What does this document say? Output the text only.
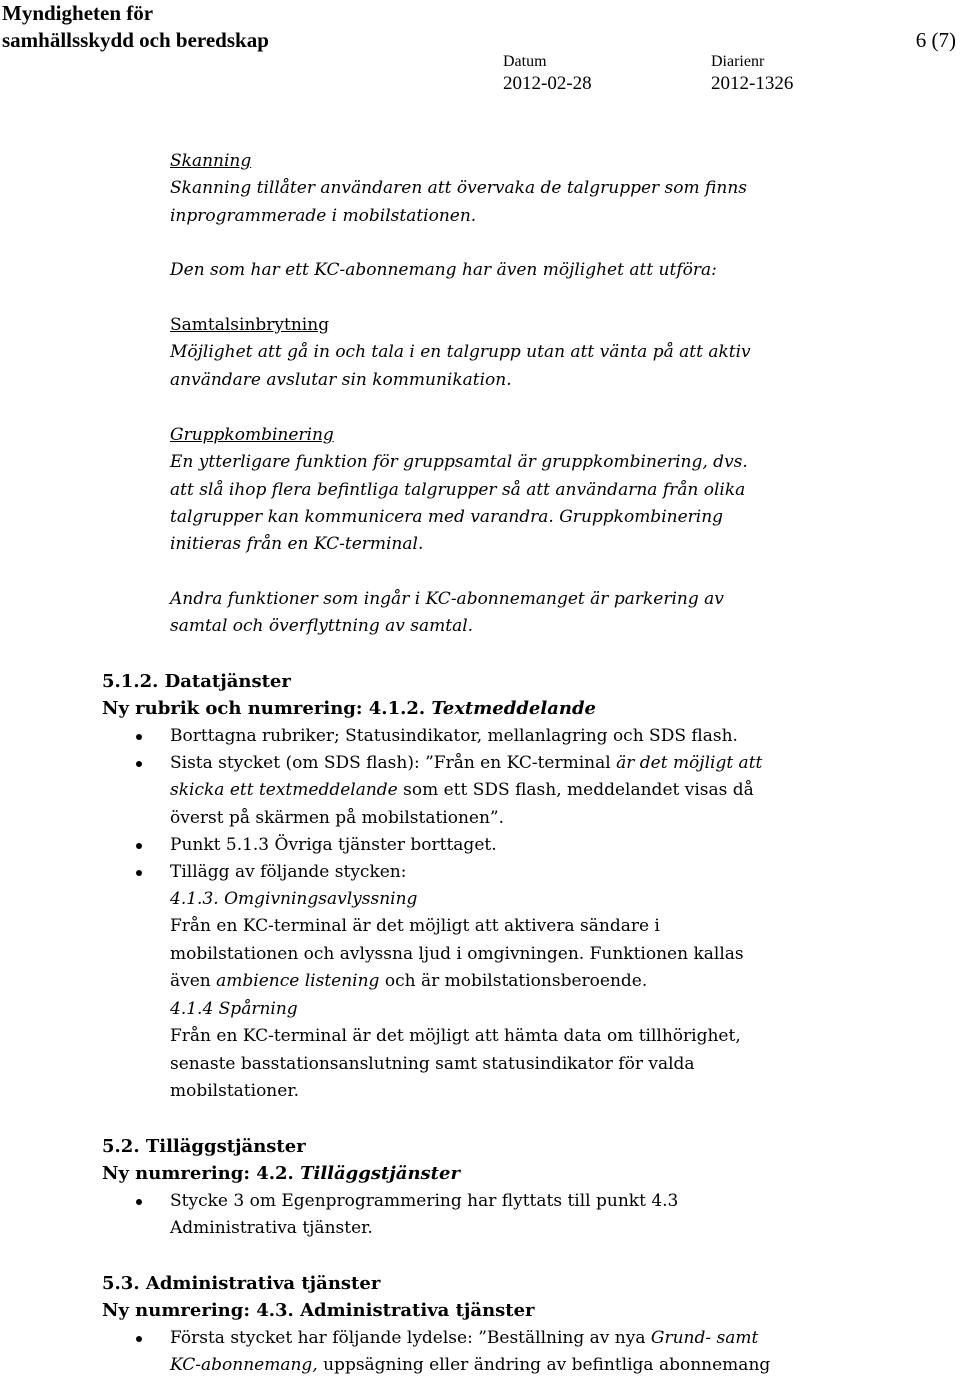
Myndigheten för
samhällsskydd och beredskap	6 (7)
Datum
2012-02-28
Diarienr
2012-1326
Skanning
Skanning tillåter användaren att övervaka de talgrupper som finns
inprogrammerade i mobilstationen.
Den som har ett KC-abonnemang har även möjlighet att utföra:
Samtalsinbrytning
Möjlighet att gå in och tala i en talgrupp utan att vänta på att aktiv
användare avslutar sin kommunikation.
Gruppkombinering
En ytterligare funktion för gruppsamtal är gruppkombinering, dvs.
att slå ihop flera befintliga talgrupper så att användarna från olika
talgrupper kan kommunicera med varandra. Gruppkombinering
initieras från en KC-terminal.
Andra funktioner som ingår i KC-abonnemanget är parkering av
samtal och överflyttning av samtal.
5.1.2. Datatjänster
Ny rubrik och numrering: 4.1.2. Textmeddelande
Borttagna rubriker; Statusindikator, mellanlagring och SDS flash.
Sista stycket (om SDS flash): ”Från en KC-terminal är det möjligt att
skicka ett textmeddelande som ett SDS flash, meddelandet visas då
överst på skärmen på mobilstationen”.
Punkt 5.1.3 Övriga tjänster borttaget.
Tillägg av följande stycken:
4.1.3. Omgivningsavlyssning
Från en KC-terminal är det möjligt att aktivera sändare i
mobilstationen och avlyssna ljud i omgivningen. Funktionen kallas
även ambience listening och är mobilstationsberoende.
4.1.4 Spårning
Från en KC-terminal är det möjligt att hämta data om tillhörighet,
senaste basstationsanslutning samt statusindikator för valda
mobilstationer.
5.2. Tilläggstjänster
Ny numrering: 4.2. Tilläggstjänster
Stycke 3 om Egenprogrammering har flyttats till punkt 4.3
Administrativa tjänster.
5.3. Administrativa tjänster
Ny numrering: 4.3. Administrativa tjänster
Första stycket har följande lydelse: ”Beställning av nya Grund- samt
KC-abonnemang, uppsägning eller ändring av befintliga abonnemang
